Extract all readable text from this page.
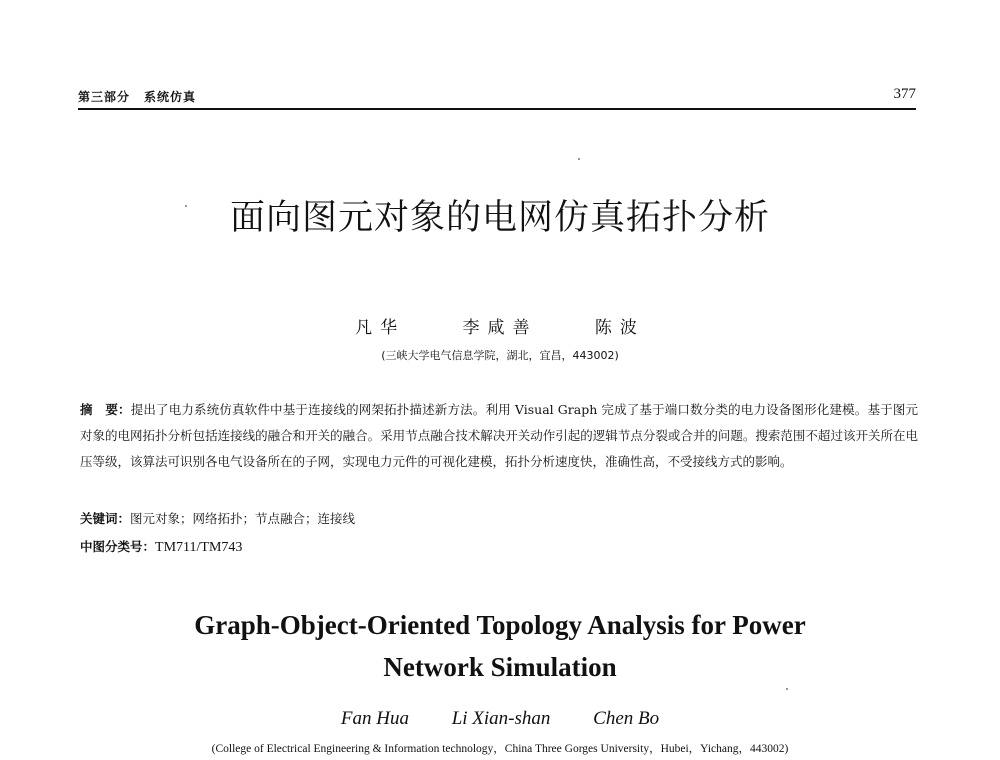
第三部分 系统仿真	377
面向图元对象的电网仿真拓扑分析
凡华	李咸善	陈波
(三峡大学电气信息学院，湖北，宜昌，443002)
摘　要：提出了电力系统仿真软件中基于连接线的网架拓扑描述新方法。利用 Visual Graph 完成了基于端口数分类的电力设备图形化建模。基于图元对象的电网拓扑分析包括连接线的融合和开关的融合。采用节点融合技术解决开关动作引起的逻辑节点分裂或合并的问题。搜索范围不超过该开关所在电压等级，该算法可识别各电气设备所在的子网，实现电力元件的可视化建模，拓扑分析速度快，准确性高，不受接线方式的影响。
关键词：图元对象；网络拓扑；节点融合；连接线
中图分类号：TM711/TM743
Graph-Object-Oriented Topology Analysis for Power
Network Simulation
Fan Hua Li Xian-shan Chen Bo
(College of Electrical Engineering & Information technology，China Three Gorges University，Hubei，Yichang，443002)
